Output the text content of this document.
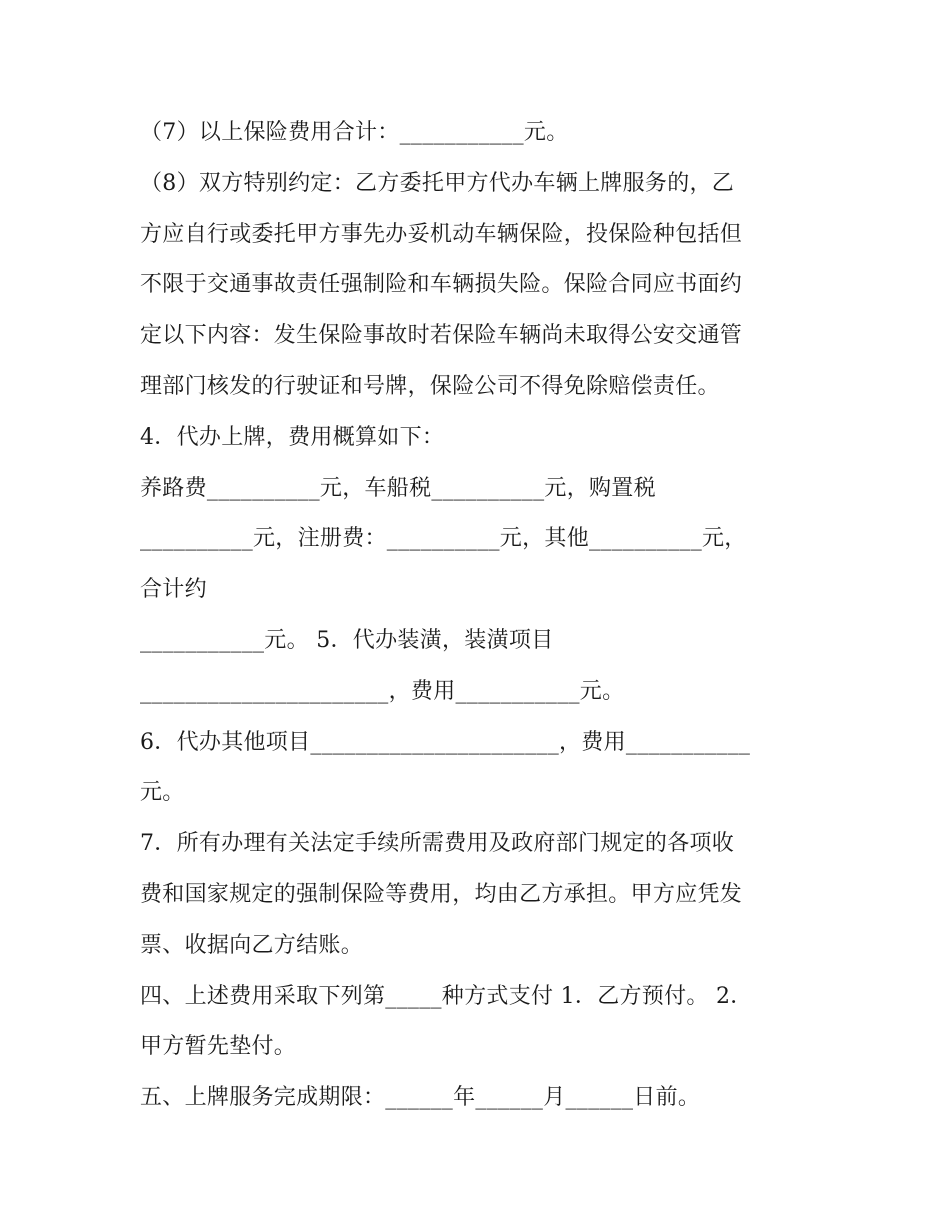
（7）以上保险费用合计：___________元。
（8）双方特别约定：乙方委托甲方代办车辆上牌服务的，乙
方应自行或委托甲方事先办妥机动车辆保险，投保险种包括但
不限于交通事故责任强制险和车辆损失险。保险合同应书面约
定以下内容：发生保险事故时若保险车辆尚未取得公安交通管
理部门核发的行驶证和号牌，保险公司不得免除赔偿责任。
4．代办上牌，费用概算如下：
养路费__________元，车船税__________元，购置税
__________元，注册费：__________元，其他__________元，
合计约
___________元。 5．代办装潢，装潢项目
______________________，费用___________元。
6．代办其他项目______________________，费用___________
元。
7．所有办理有关法定手续所需费用及政府部门规定的各项收
费和国家规定的强制保险等费用，均由乙方承担。甲方应凭发
票、收据向乙方结账。
四、上述费用采取下列第_____种方式支付 1．乙方预付。 2．
甲方暂先垫付。
五、上牌服务完成期限：______年______月______日前。
